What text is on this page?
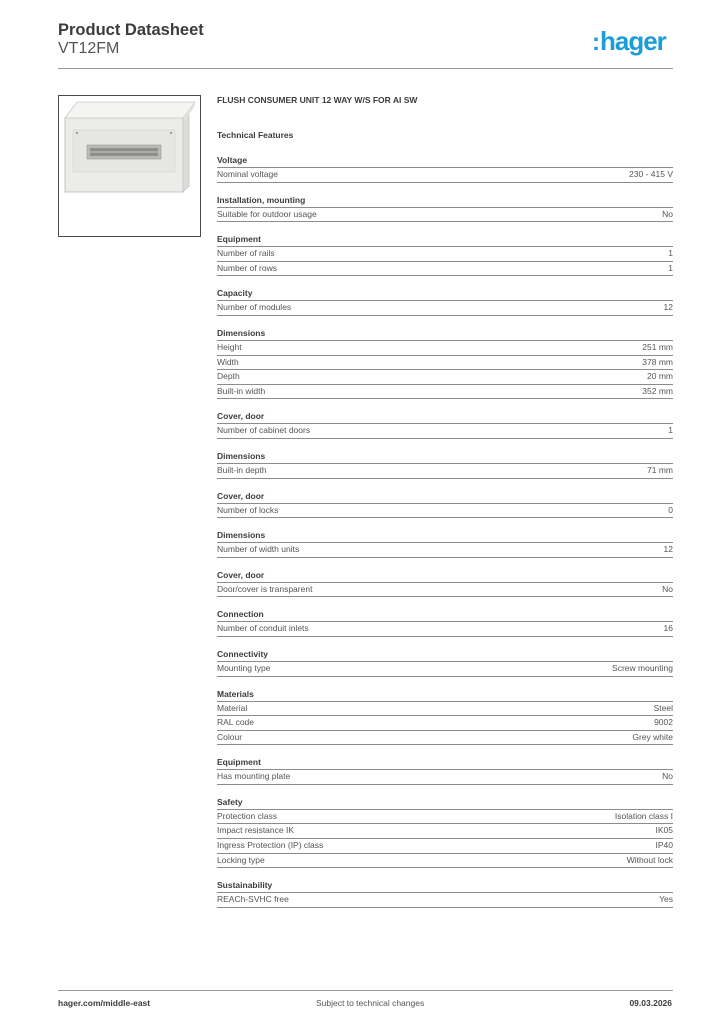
Product Datasheet
VT12FM	:hager
FLUSH CONSUMER UNIT 12 WAY W/S FOR AI SW
Technical Features
Voltage
Nominal voltage	230 - 415 V
Installation, mounting
Suitable for outdoor usage	No
Equipment
Number of rails	1
Number of rows	1
Capacity
Number of modules	12
Dimensions
Height	251 mm
Width	378 mm
Depth	20 mm
Built-in width	352 mm
Cover, door
Number of cabinet doors	1
Dimensions
Built-in depth	71 mm
Cover, door
Number of locks	0
Dimensions
Number of width units	12
Cover, door
Door/cover is transparent	No
Connection
Number of conduit inlets	16
Connectivity
Mounting type	Screw mounting
Materials
Material	Steel
RAL code	9002
Colour	Grey white
Equipment
Has mounting plate	No
Safety
Protection class	Isolation class I
Impact resistance IK	IK05
Ingress Protection (IP) class	IP40
Locking type	Without lock
Sustainability
REACh-SVHC free	Yes
hager.com/middle-east	Subject to technical changes	09.03.2026
